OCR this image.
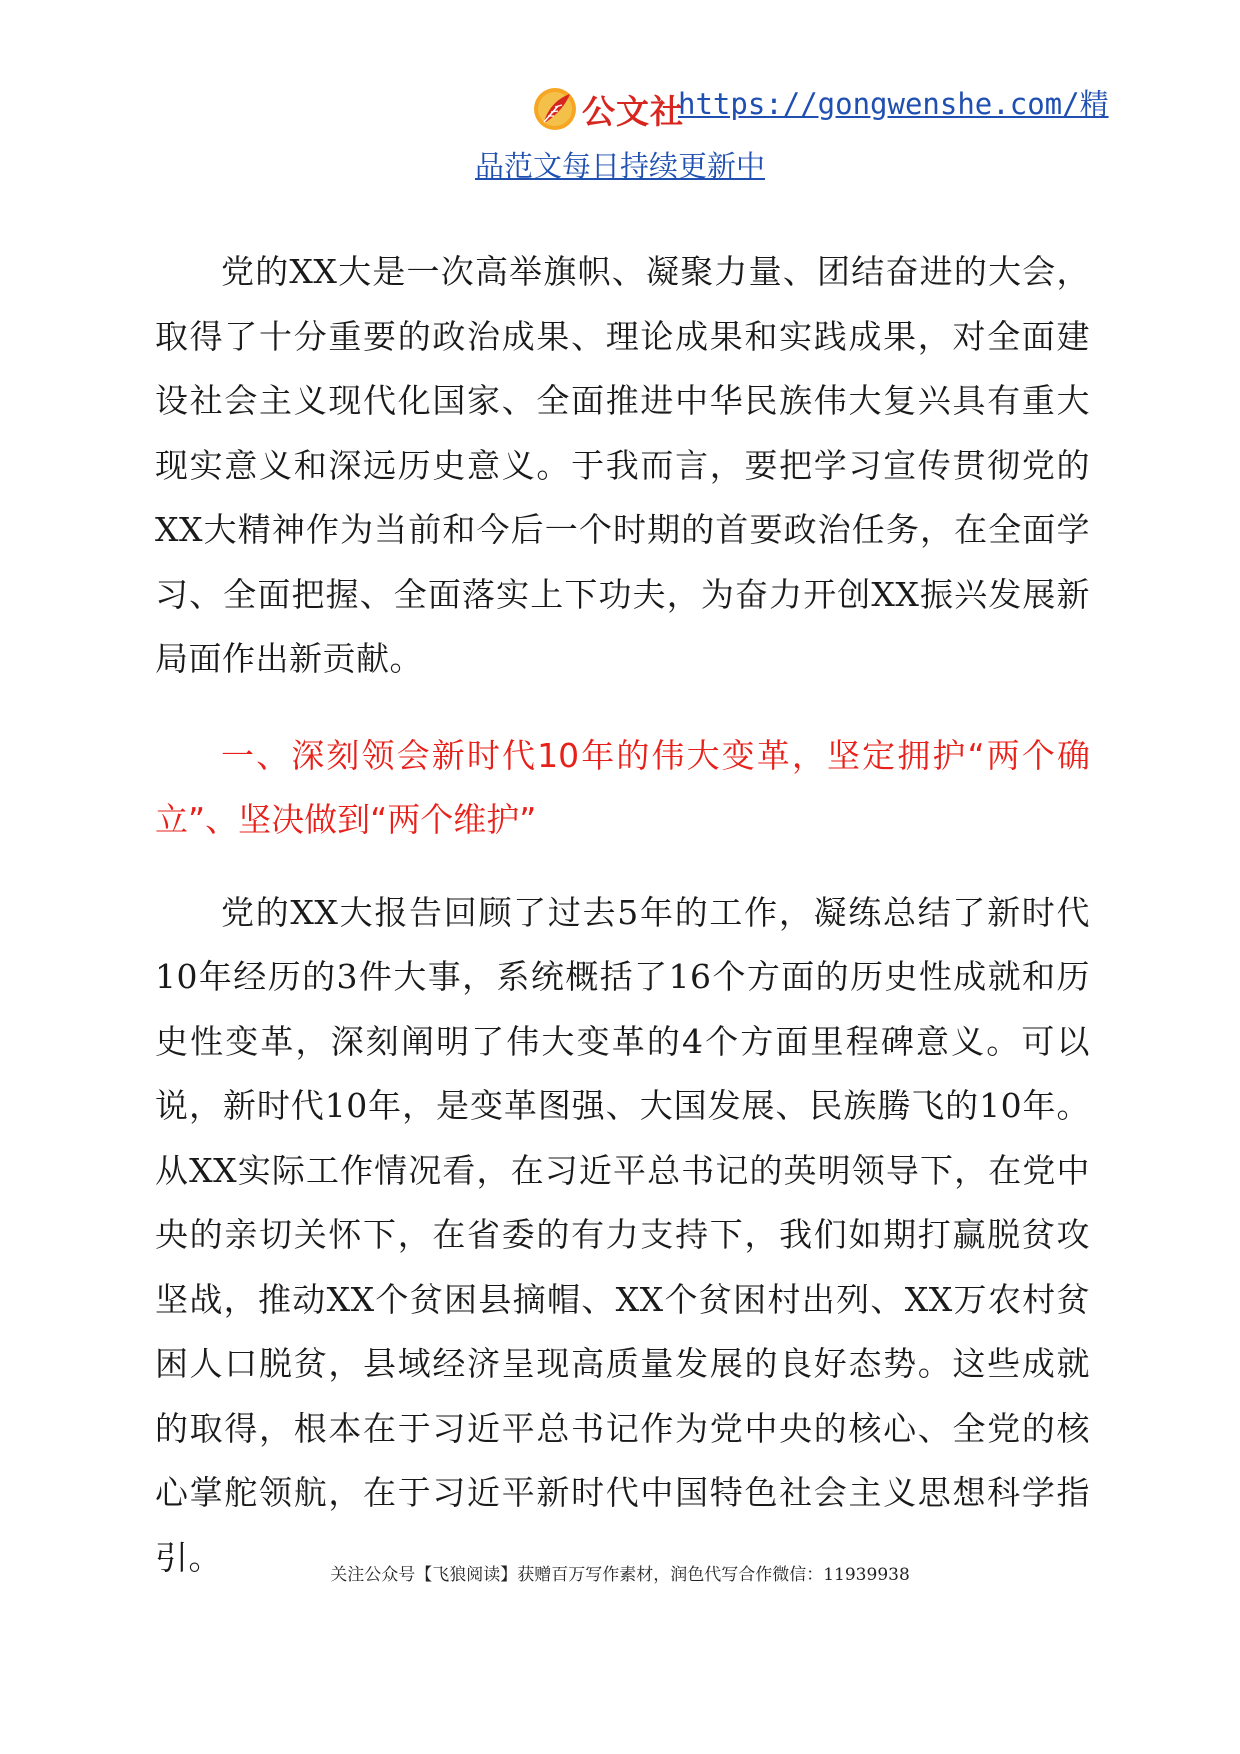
公文社
https://gongwenshe.com/精
品范文每日持续更新中

党的XX大是一次高举旗帜、凝聚力量、团结奋进的大会，取得了十分重要的政治成果、理论成果和实践成果，对全面建设社会主义现代化国家、全面推进中华民族伟大复兴具有重大现实意义和深远历史意义。于我而言，要把学习宣传贯彻党的XX大精神作为当前和今后一个时期的首要政治任务，在全面学习、全面把握、全面落实上下功夫，为奋力开创XX振兴发展新局面作出新贡献。

一、深刻领会新时代10年的伟大变革，坚定拥护“两个确立”、坚决做到“两个维护”

党的XX大报告回顾了过去5年的工作，凝练总结了新时代10年经历的3件大事，系统概括了16个方面的历史性成就和历史性变革，深刻阐明了伟大变革的4个方面里程碑意义。可以说，新时代10年，是变革图强、大国发展、民族腾飞的10年。从XX实际工作情况看，在习近平总书记的英明领导下，在党中央的亲切关怀下，在省委的有力支持下，我们如期打赢脱贫攻坚战，推动XX个贫困县摘帽、XX个贫困村出列、XX万农村贫困人口脱贫，县域经济呈现高质量发展的良好态势。这些成就的取得，根本在于习近平总书记作为党中央的核心、全党的核心掌舵领航，在于习近平新时代中国特色社会主义思想科学指引。	关注公众号【飞狼阅读】获赠百万写作素材，润色代写合作微信：11939938
